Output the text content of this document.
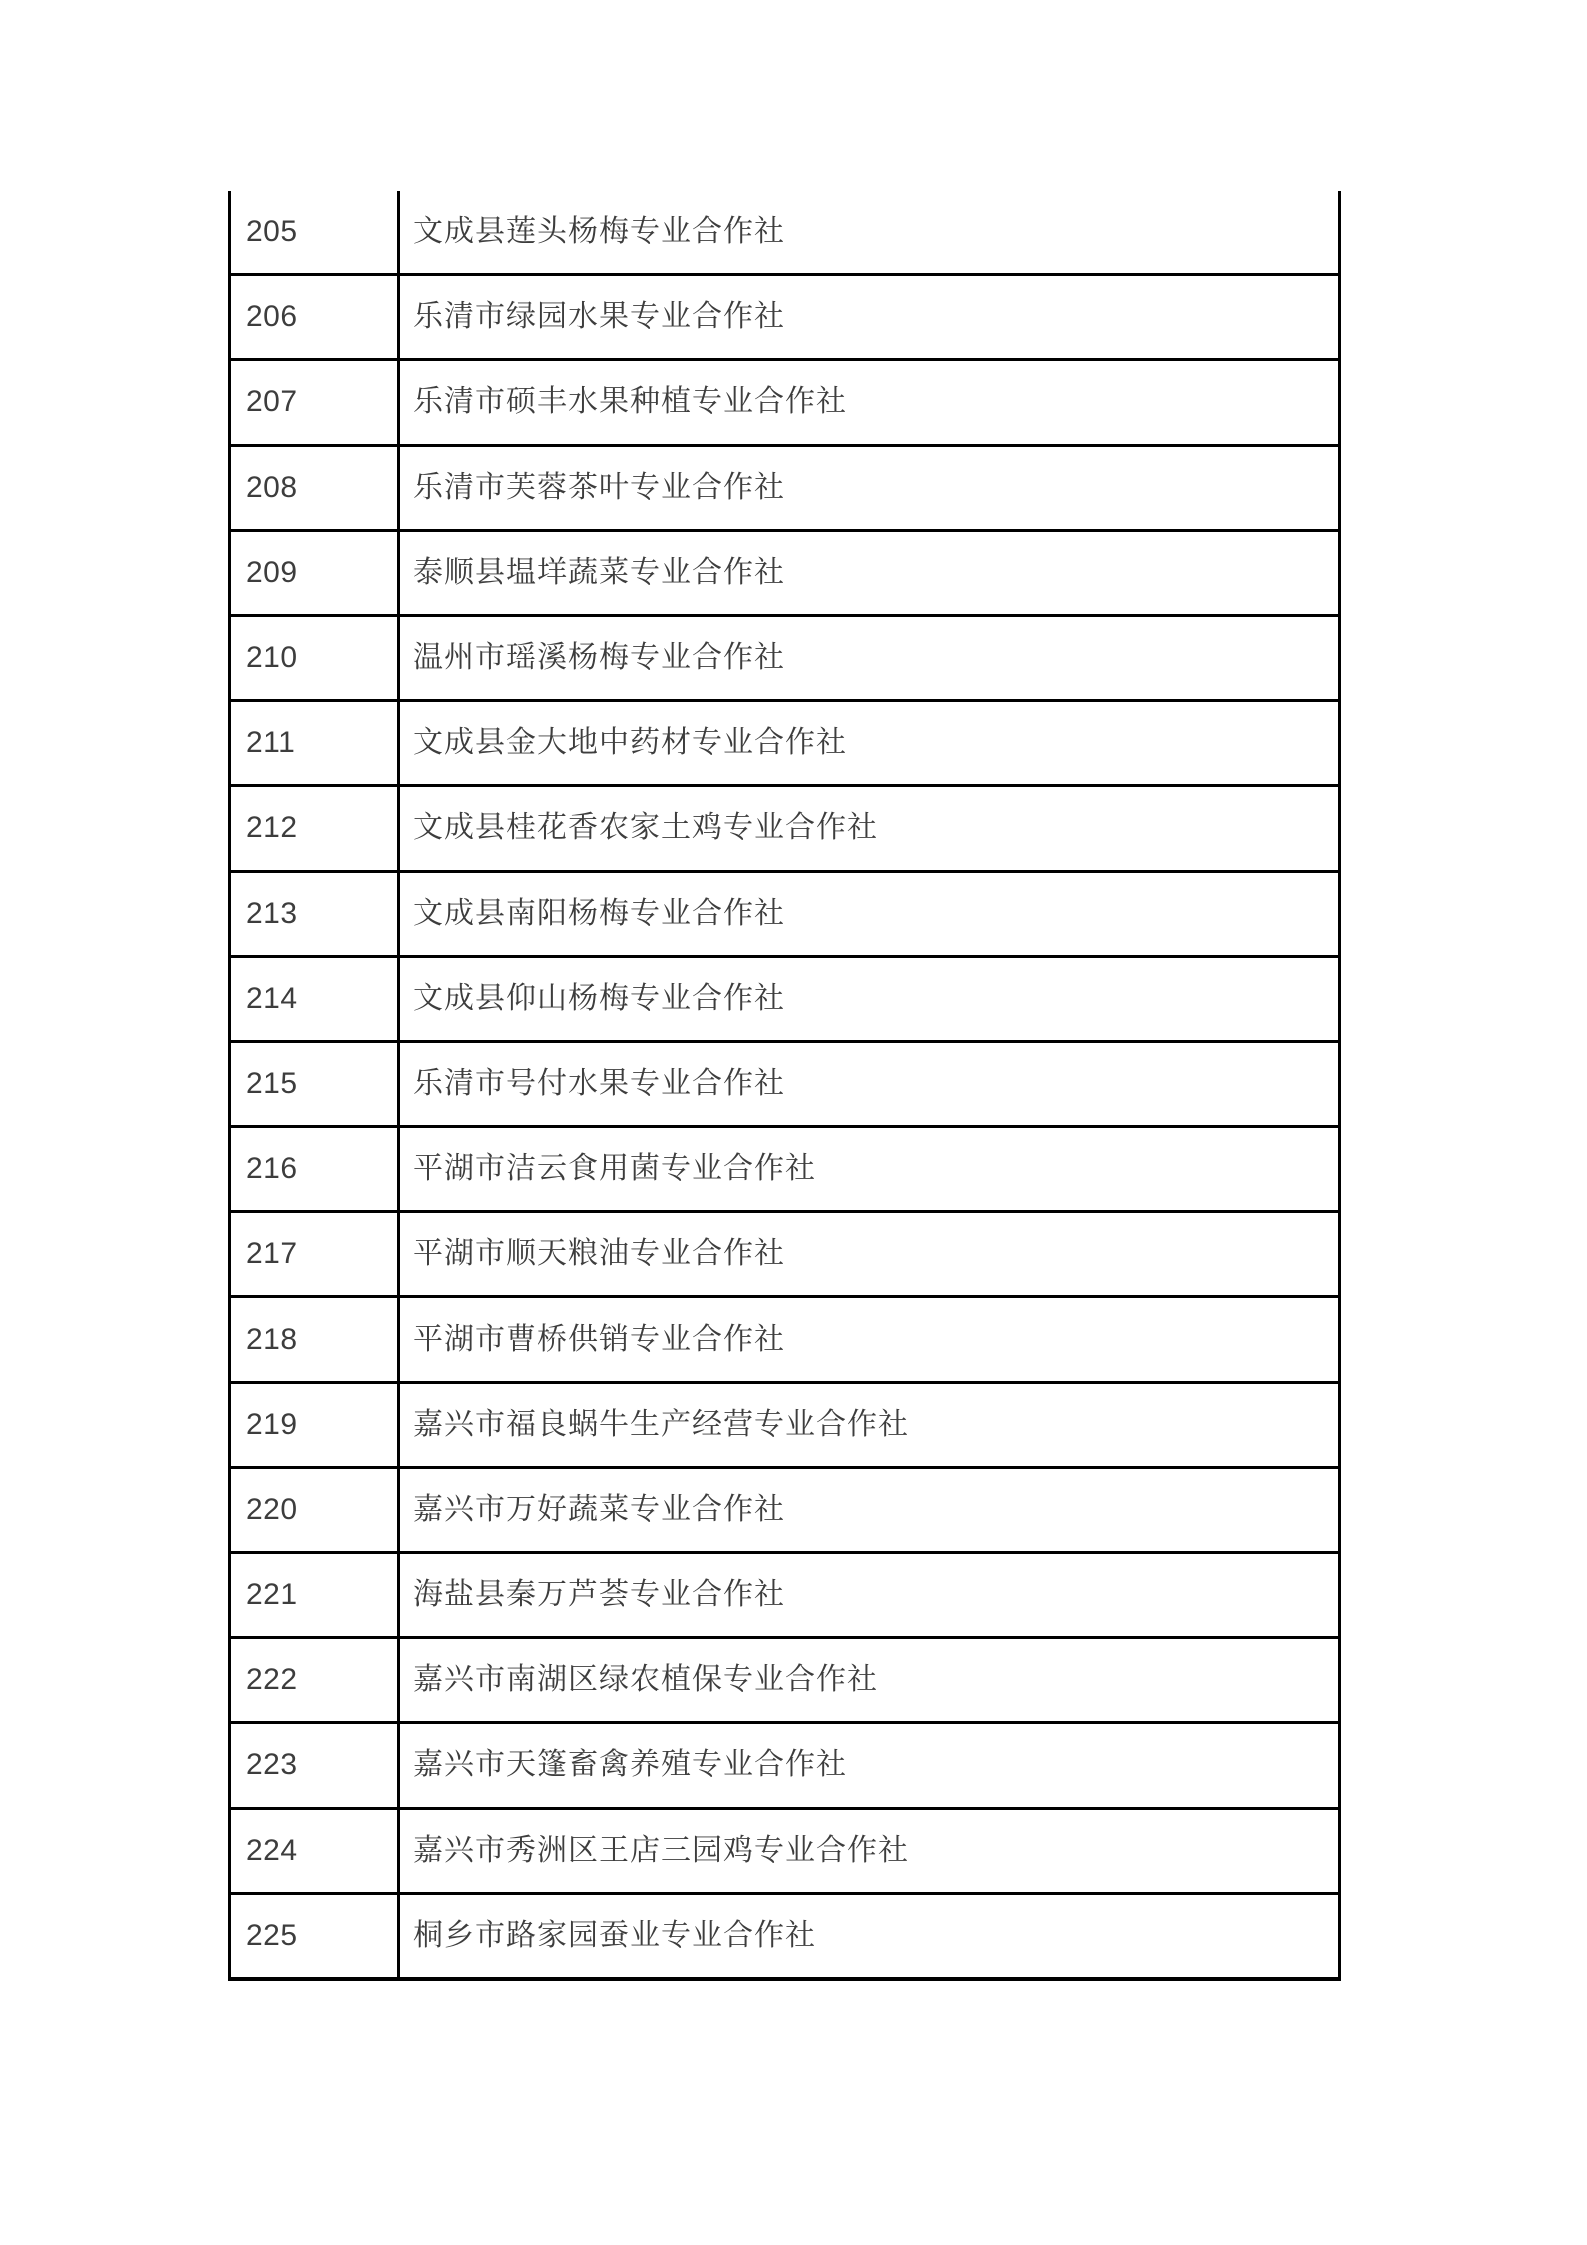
205	文成县莲头杨梅专业合作社
206	乐清市绿园水果专业合作社
207	乐清市硕丰水果种植专业合作社
208	乐清市芙蓉茶叶专业合作社
209	泰顺县塭垟蔬菜专业合作社
210	温州市瑶溪杨梅专业合作社
211	文成县金大地中药材专业合作社
212	文成县桂花香农家土鸡专业合作社
213	文成县南阳杨梅专业合作社
214	文成县仰山杨梅专业合作社
215	乐清市号付水果专业合作社
216	平湖市洁云食用菌专业合作社
217	平湖市顺天粮油专业合作社
218	平湖市曹桥供销专业合作社
219	嘉兴市福良蜗牛生产经营专业合作社
220	嘉兴市万好蔬菜专业合作社
221	海盐县秦万芦荟专业合作社
222	嘉兴市南湖区绿农植保专业合作社
223	嘉兴市天篷畜禽养殖专业合作社
224	嘉兴市秀洲区王店三园鸡专业合作社
225	桐乡市路家园蚕业专业合作社
